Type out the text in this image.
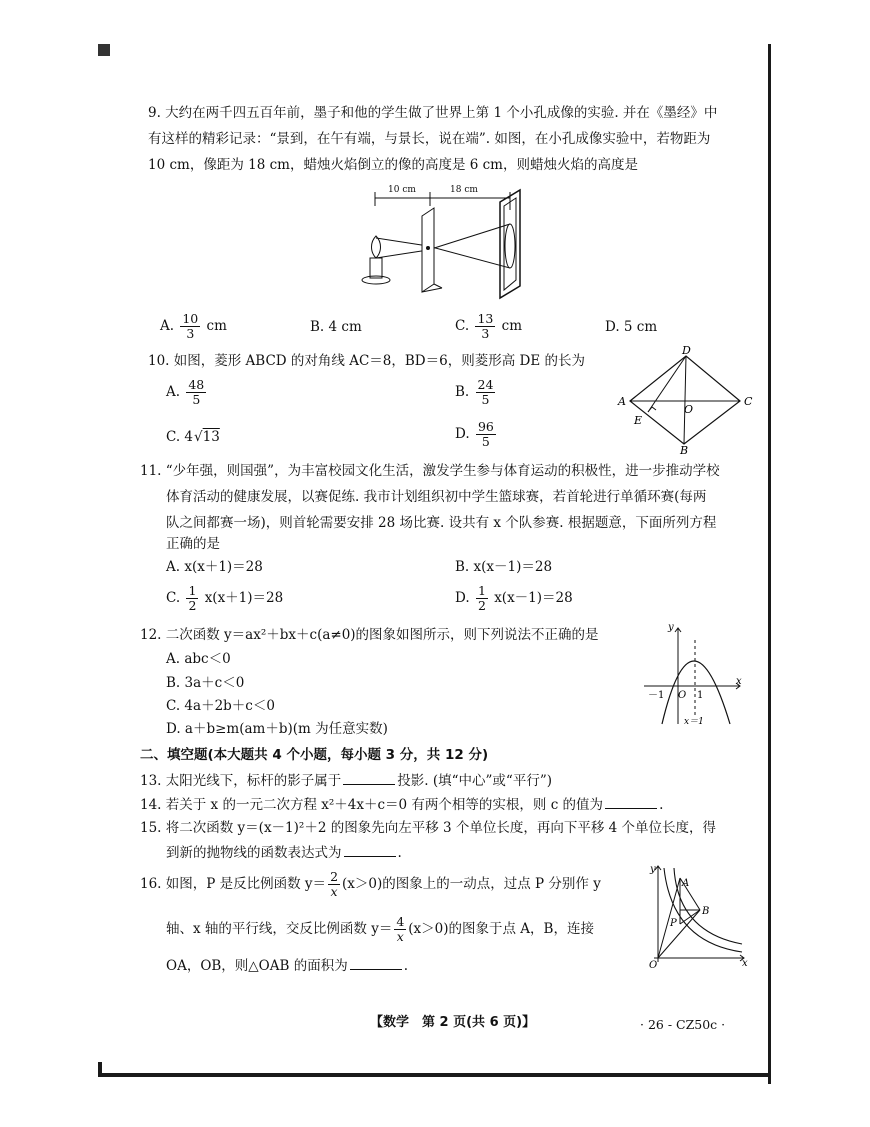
9. 大约在两千四五百年前，墨子和他的学生做了世界上第 1 个小孔成像的实验. 并在《墨经》中
有这样的精彩记录：“景到，在午有端，与景长，说在端”. 如图，在小孔成像实验中，若物距为
10 cm，像距为 18 cm，蜡烛火焰倒立的像的高度是 6 cm，则蜡烛火焰的高度是
10 cm	18 cm
A. $\frac{10}{3}$ cm	B. 4 cm	C. $\frac{13}{3}$ cm	D. 5 cm
10. 如图，菱形 ABCD 的对角线 AC＝8，BD＝6，则菱形高 DE 的长为
A. $\frac{48}{5}$	B. $\frac{24}{5}$
C. 4√13	D. $\frac{96}{5}$
D
A	C
B
E
O
11. “少年强，则国强”，为丰富校园文化生活，激发学生参与体育运动的积极性，进一步推动学校
体育活动的健康发展，以赛促练. 我市计划组织初中学生篮球赛，若首轮进行单循环赛(每两
队之间都赛一场)，则首轮需要安排 28 场比赛. 设共有 x 个队参赛. 根据题意，下面所列方程
正确的是
A. x(x＋1)＝28	B. x(x－1)＝28
C. $\frac{1}{2} x(x+1)=28$	D. $\frac{1}{2} x(x-1)=28$
12. 二次函数 y＝ax²＋bx＋c(a≠0)的图象如图所示，则下列说法不正确的是
A. abc＜0
B. 3a＋c＜0
C. 4a＋2b＋c＜0
D. a＋b≥m(am＋b)(m 为任意实数)
y
x
－1 O 1
x＝1
二、填空题(本大题共 4 个小题，每小题 3 分，共 12 分)
13. 太阳光线下，标杆的影子属于	投影. (填“中心”或“平行”)
14. 若关于 x 的一元二次方程 x²＋4x＋c＝0 有两个相等的实根，则 c 的值为	.
15. 将二次函数 y＝(x－1)²＋2 的图象先向左平移 3 个单位长度，再向下平移 4 个单位长度，得
到新的抛物线的函数表达式为	.
16. 如图，P 是反比例函数 $y= \frac{2}{x} (x>0)$的图象上的一动点，过点 P 分别作 y
轴、x 轴的平行线，交反比例函数 $y= \frac{4}{x} (x>0)$的图象于点 A，B，连接
OA，OB，则△OAB 的面积为	.
y
x
O
A
B
P
【数学　第 2 页(共 6 页)】	· 26 - CZ50c ·
